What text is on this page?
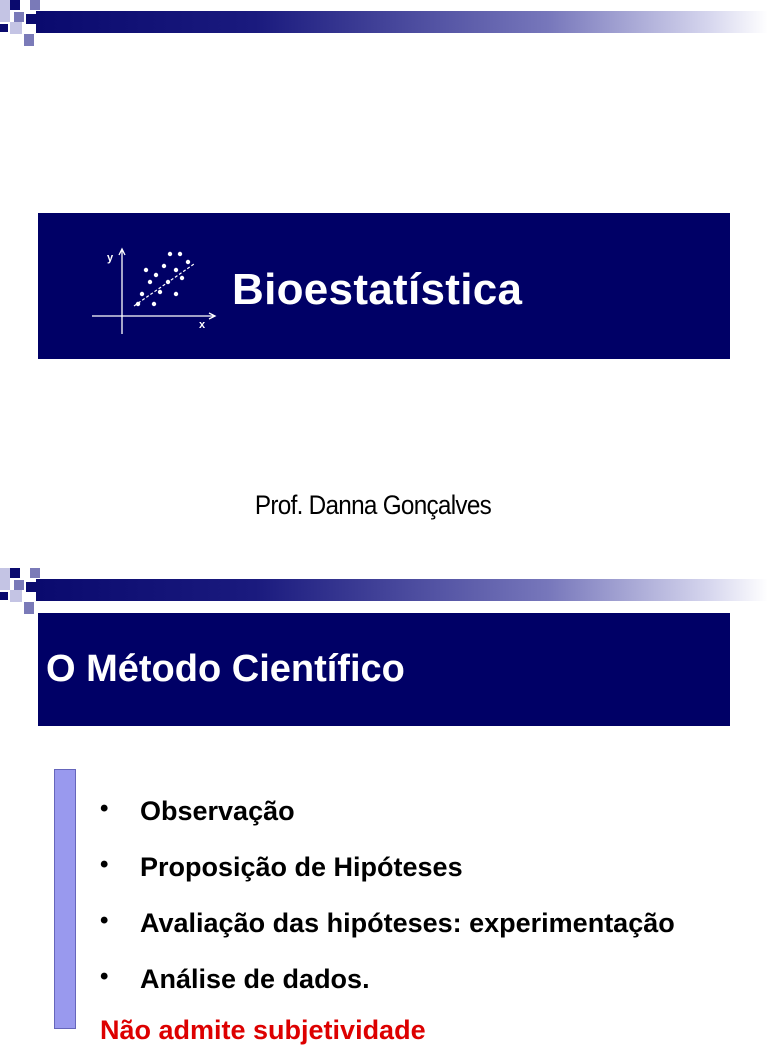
y
x
Bioestatística
Prof. Danna Gonçalves
O Método Científico
• Observação
• Proposição de Hipóteses
• Avaliação das hipóteses: experimentação
• Análise de dados.
Não admite subjetividade
